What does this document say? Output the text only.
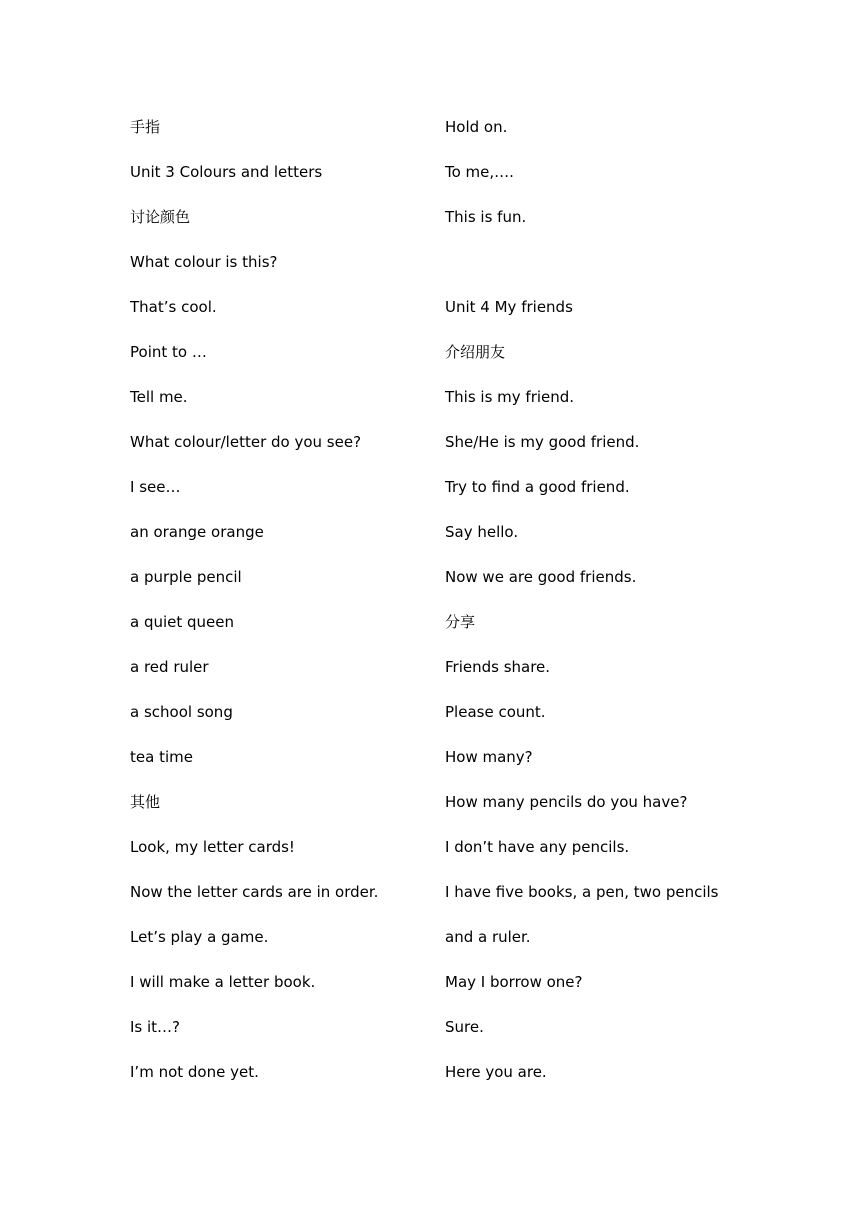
手指
Unit 3 Colours and letters
讨论颜色
What colour is this?
That’s cool.
Point to …
Tell me.
What colour/letter do you see?
I see…
an orange orange
a purple pencil
a quiet queen
a red ruler
a school song
tea time
其他
Look, my letter cards!
Now the letter cards are in order.
Let’s play a game.
I will make a letter book.
Is it…?
I’m not done yet.
Hold on.
To me,….
This is fun.
Unit 4 My friends
介绍朋友
This is my friend.
She/He is my good friend.
Try to find a good friend.
Say hello.
Now we are good friends.
分享
Friends share.
Please count.
How many?
How many pencils do you have?
I don’t have any pencils.
I have five books, a pen, two pencils
and a ruler.
May I borrow one?
Sure.
Here you are.
